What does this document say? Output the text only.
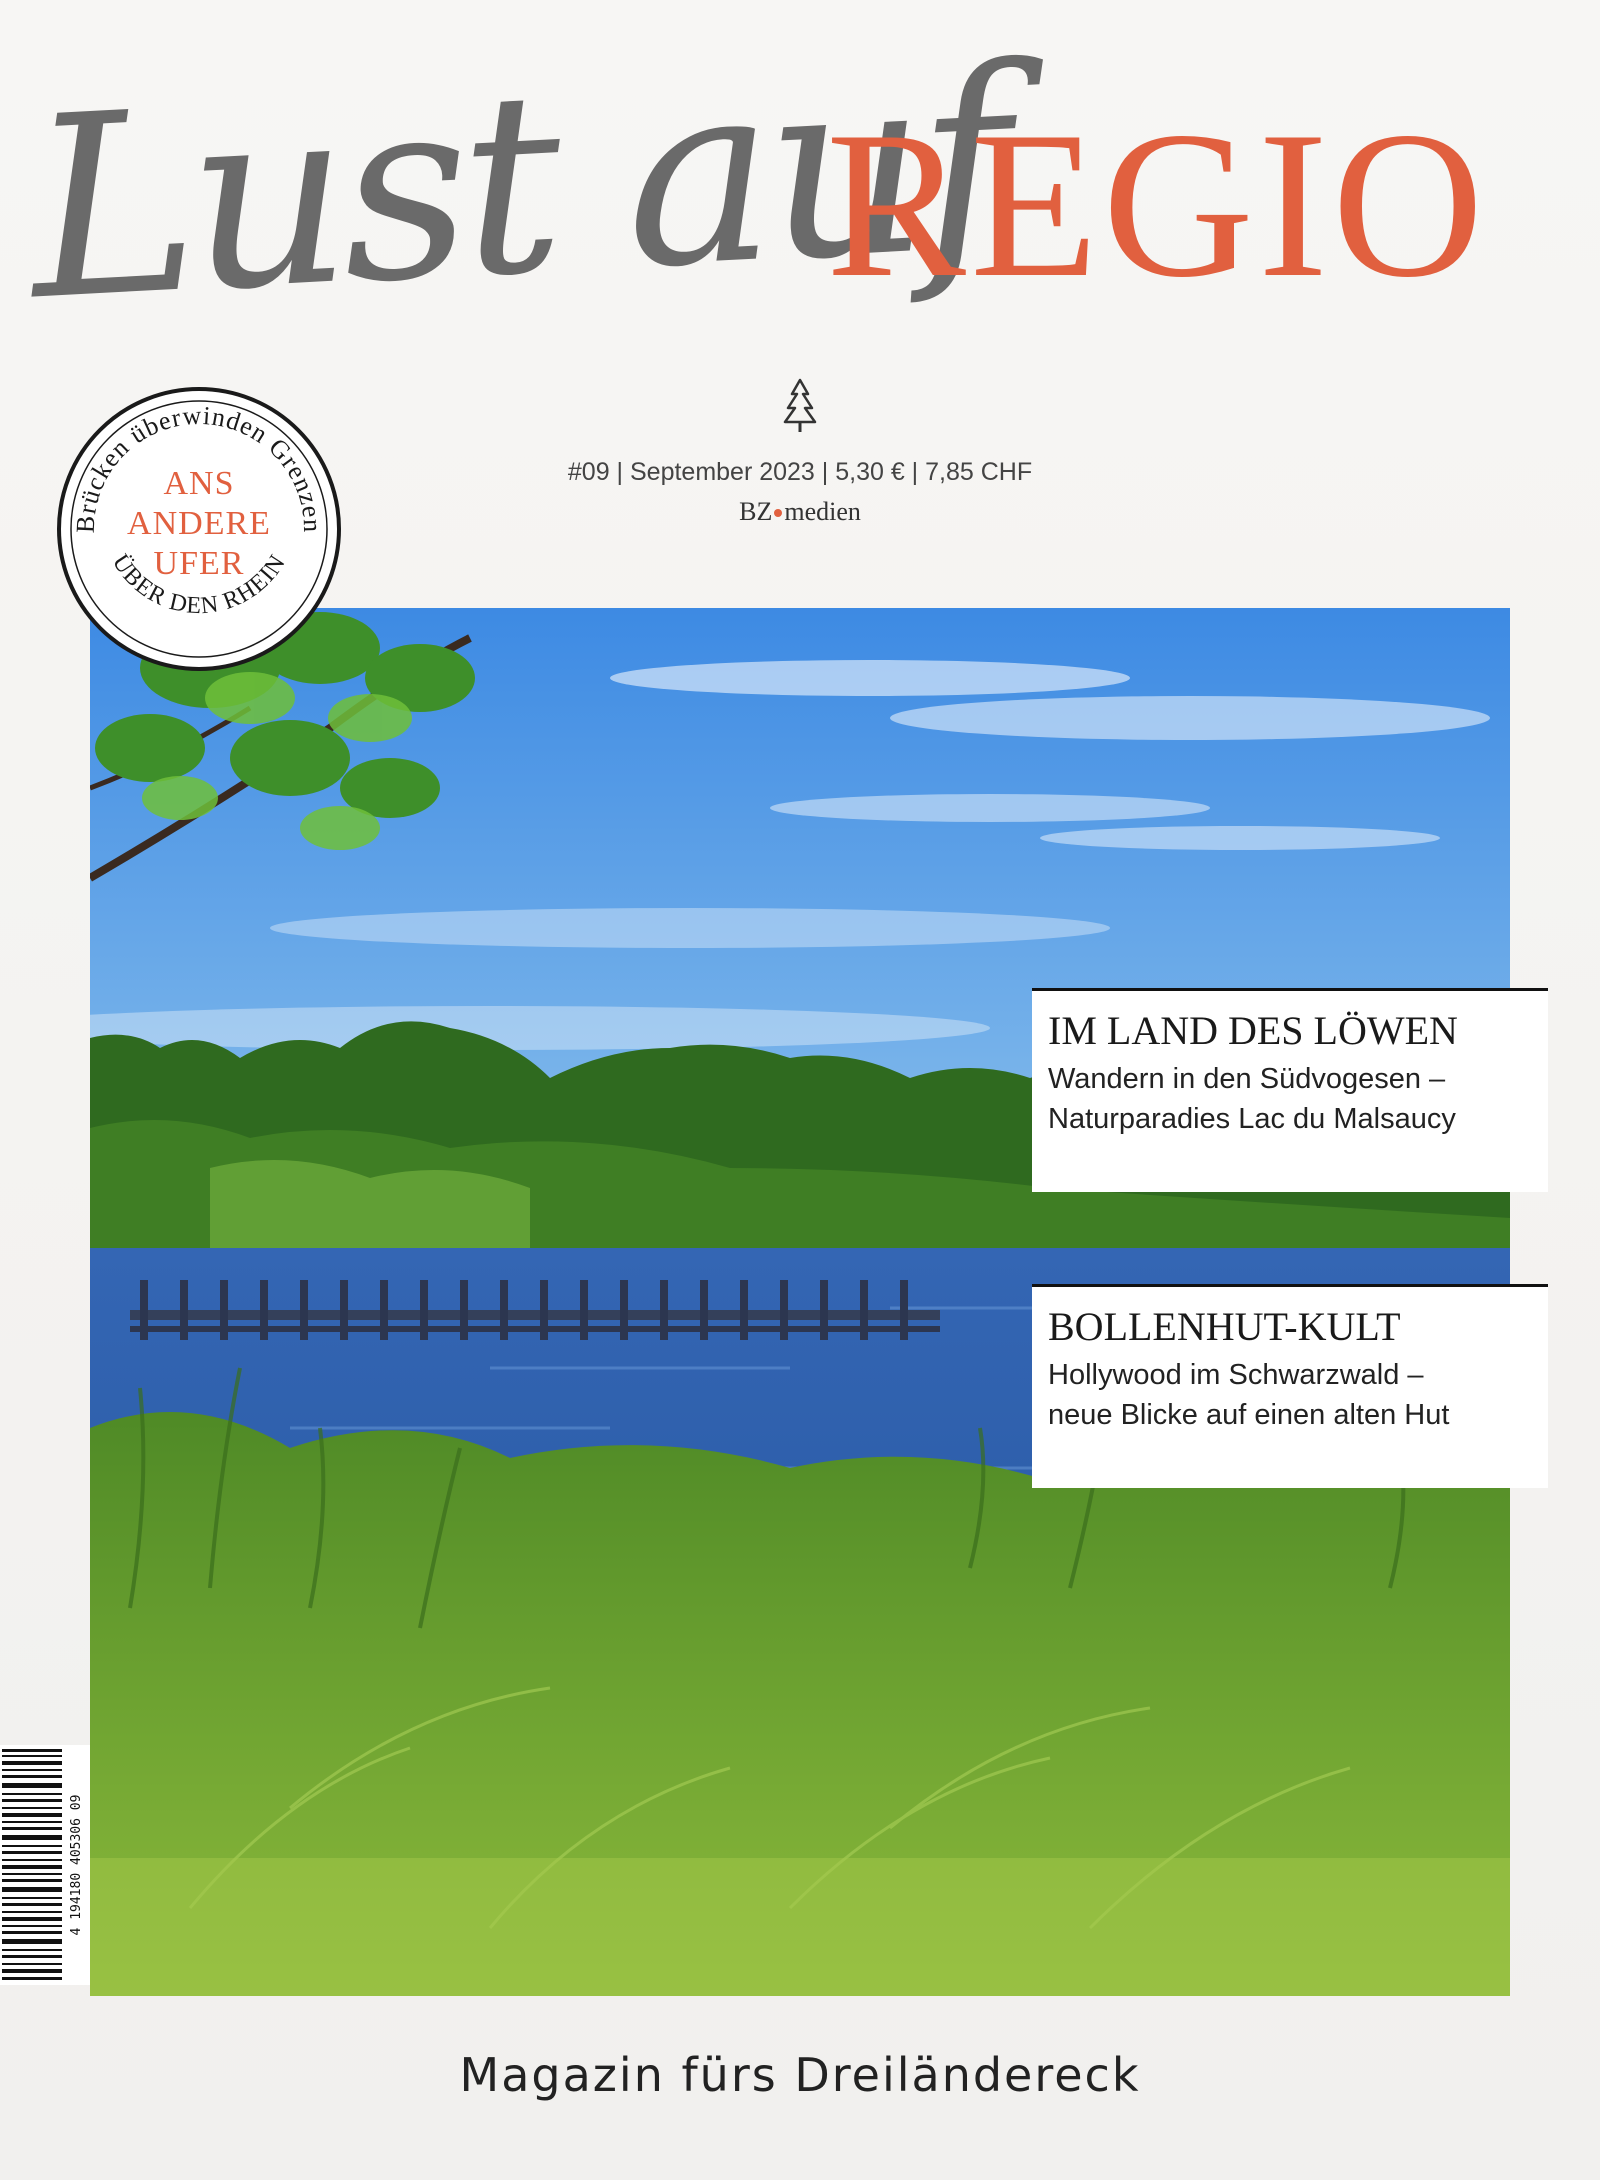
Lust auf
REGIO
#09 | September 2023 | 5,30 € | 7,85 CHF
BZ medien
Brücken überwinden Grenzen
ÜBER DEN RHEIN
ANS
ANDERE
UFER
IM LAND DES LÖWEN

Wandern in den Südvogesen –
Naturparadies Lac du Malsaucy

BOLLENHUT-KULT

Hollywood im Schwarzwald –
neue Blicke auf einen alten Hut

4 194180 405306 09
Magazin fürs Dreiländereck
